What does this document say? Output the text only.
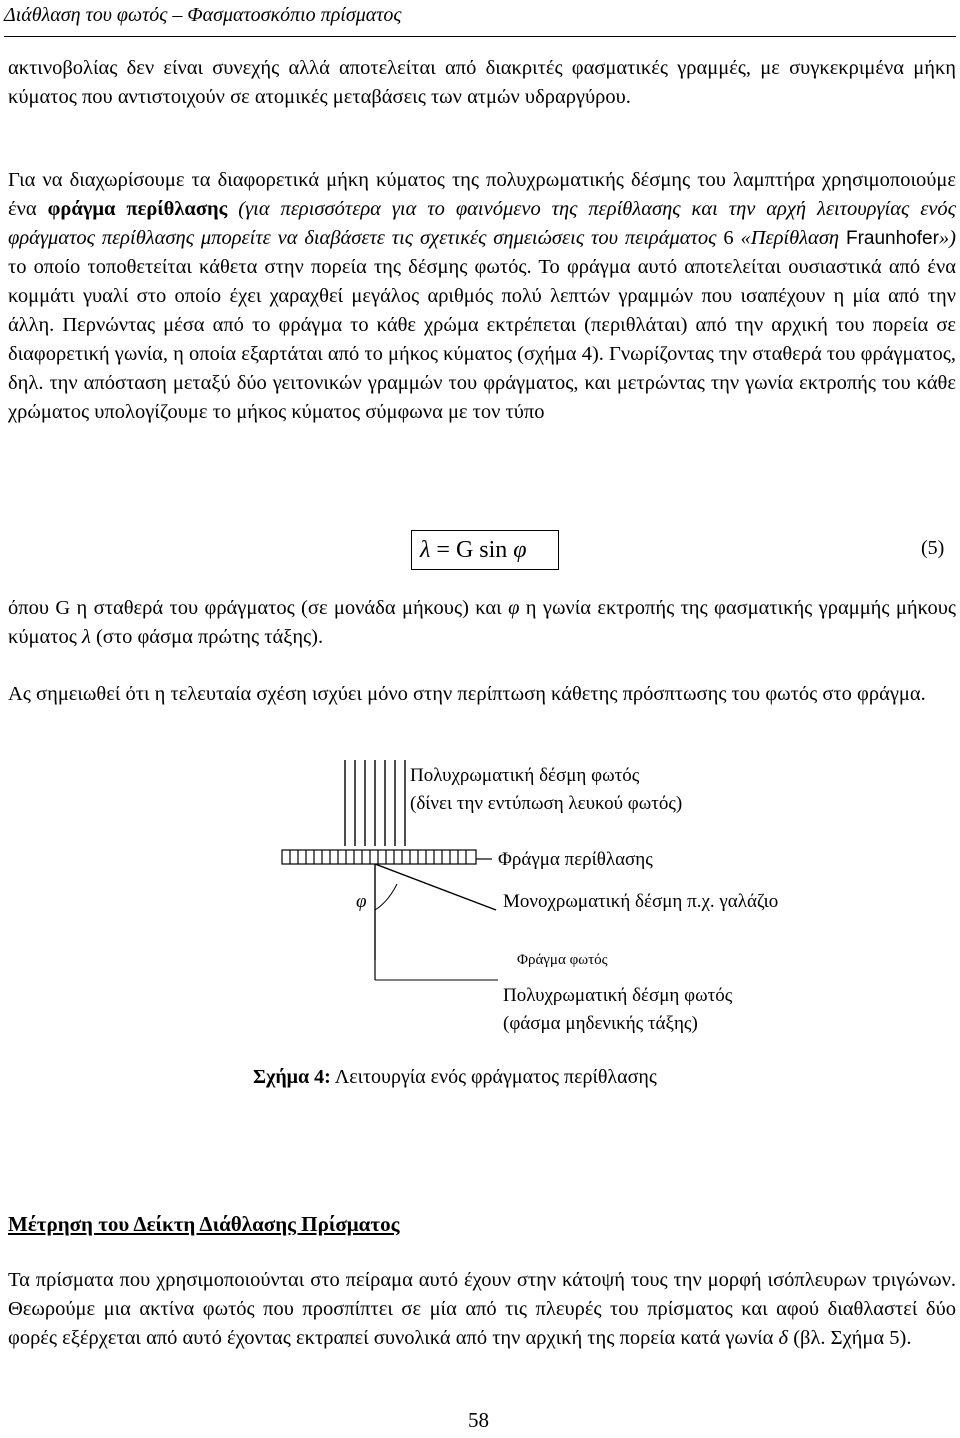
Διάθλαση του φωτός – Φασματοσκόπιο πρίσματος

ακτινοβολίας δεν είναι συνεχής αλλά αποτελείται από διακριτές φασματικές γραμμές, με συγκεκριμένα μήκη κύματος που αντιστοιχούν σε ατομικές μεταβάσεις των ατμών υδραργύρου.

Για να διαχωρίσουμε τα διαφορετικά μήκη κύματος της πολυχρωματικής δέσμης του λαμπτήρα χρησιμοποιούμε ένα φράγμα περίθλασης (για περισσότερα για το φαινόμενο της περίθλασης και την αρχή λειτουργίας ενός φράγματος περίθλασης μπορείτε να διαβάσετε τις σχετικές σημειώσεις του πειράματος 6 «Περίθλαση Fraunhofer») το οποίο τοποθετείται κάθετα στην πορεία της δέσμης φωτός. Το φράγμα αυτό αποτελείται ουσιαστικά από ένα κομμάτι γυαλί στο οποίο έχει χαραχθεί μεγάλος αριθμός πολύ λεπτών γραμμών που ισαπέχουν η μία από την άλλη. Περνώντας μέσα από το φράγμα το κάθε χρώμα εκτρέπεται (περιθλάται) από την αρχική του πορεία σε διαφορετική γωνία, η οποία εξαρτάται από το μήκος κύματος (σχήμα 4). Γνωρίζοντας την σταθερά του φράγματος, δηλ. την απόσταση μεταξύ δύο γειτονικών γραμμών του φράγματος, και μετρώντας την γωνία εκτροπής του κάθε χρώματος υπολογίζουμε το μήκος κύματος σύμφωνα με τον τύπο

λ = G sin φ	(5)

όπου G η σταθερά του φράγματος (σε μονάδα μήκους) και φ η γωνία εκτροπής της φασματικής γραμμής μήκους κύματος λ (στο φάσμα πρώτης τάξης).

Ας σημειωθεί ότι η τελευταία σχέση ισχύει μόνο στην περίπτωση κάθετης πρόσπτωσης του φωτός στο φράγμα.

Πολυχρωματική δέσμη φωτός
(δίνει την εντύπωση λευκού φωτός)
Φράγμα περίθλασης
φ	Μονοχρωματική δέσμη π.χ. γαλάζιο
Φράγμα φωτός
Πολυχρωματική δέσμη φωτός
(φάσμα μηδενικής τάξης)
Σχήμα 4: Λειτουργία ενός φράγματος περίθλασης
Μέτρηση του Δείκτη Διάθλασης Πρίσματος

Τα πρίσματα που χρησιμοποιούνται στο πείραμα αυτό έχουν στην κάτοψή τους την μορφή ισόπλευρων τριγώνων. Θεωρούμε μια ακτίνα φωτός που προσπίπτει σε μία από τις πλευρές του πρίσματος και αφού διαθλαστεί δύο φορές εξέρχεται από αυτό έχοντας εκτραπεί συνολικά από την αρχική της πορεία κατά γωνία δ (βλ. Σχήμα 5).

58
